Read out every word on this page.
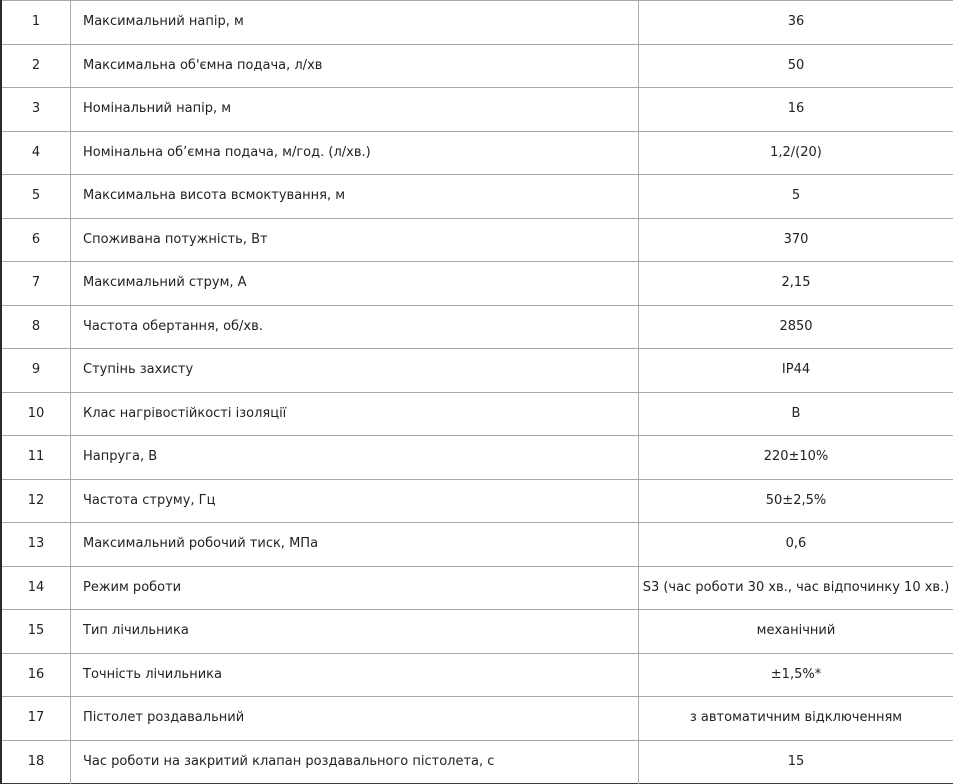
1	Максимальний напір, м	36
2	Максимальна об'ємна подача, л/хв	50
3	Номінальний напір, м	16
4	Номінальна об’ємна подача, м/год. (л/хв.)	1,2/(20)
5	Максимальна висота всмоктування, м	5
6	Споживана потужність, Вт	370
7	Максимальний струм, А	2,15
8	Частота обертання, об/хв.	2850
9	Ступінь захисту	IP44
10	Клас нагрівостійкості ізоляції	B
11	Напруга, В	220±10%
12	Частота струму, Гц	50±2,5%
13	Максимальний робочий тиск, МПа	0,6
14	Режим роботи	S3 (час роботи 30 хв., час відпочинку 10 хв.)
15	Тип лічильника	механічний
16	Точність лічильника	±1,5%*
17	Пістолет роздавальний	з автоматичним відключенням
18	Час роботи на закритий клапан роздавального пістолета, с	15
